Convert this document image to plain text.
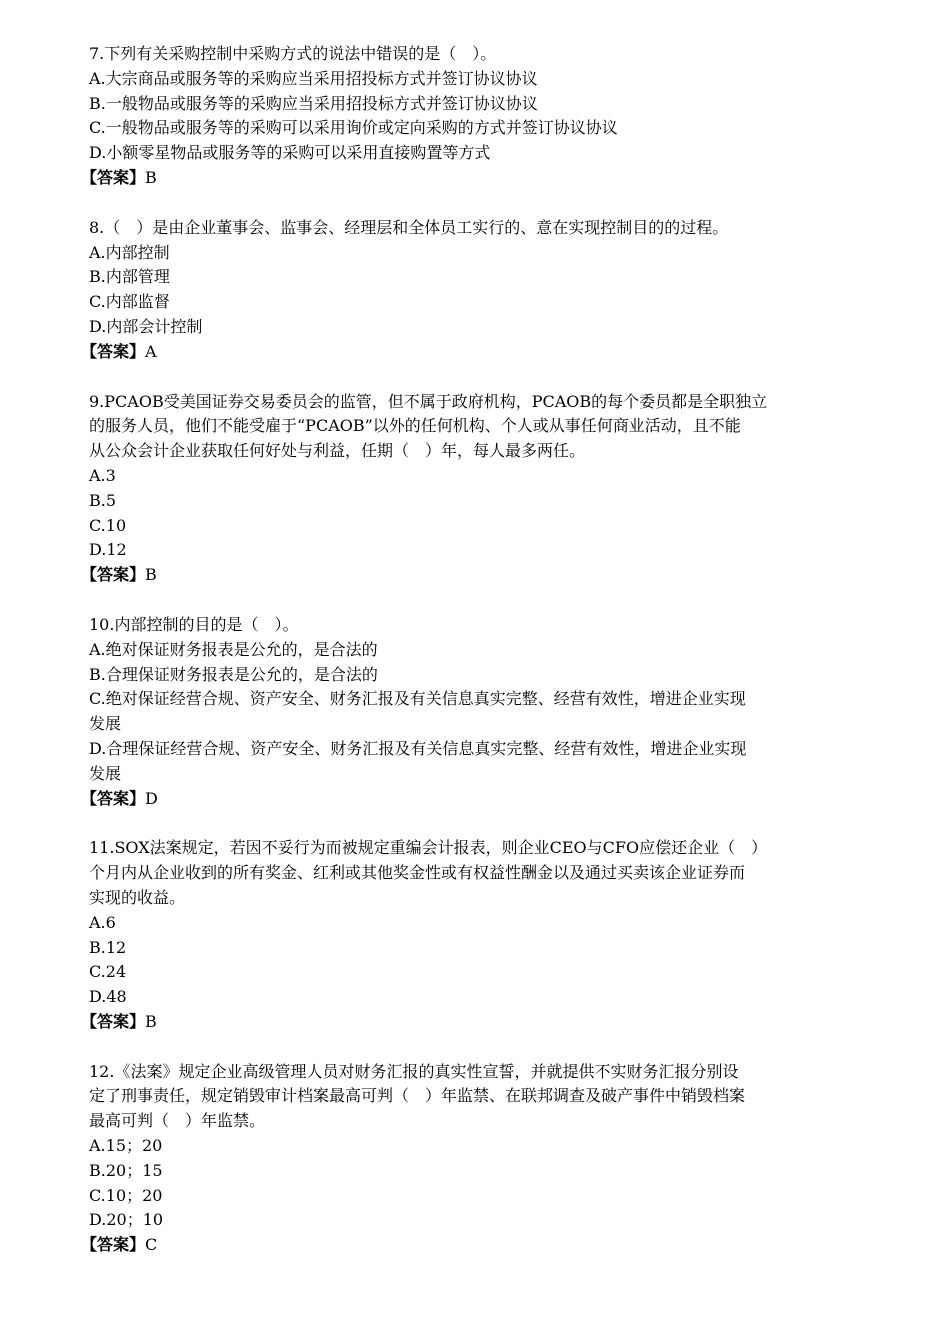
7.下列有关采购控制中采购方式的说法中错误的是（　）。

A.大宗商品或服务等的采购应当采用招投标方式并签订协议协议

B.一般物品或服务等的采购应当采用招投标方式并签订协议协议

C.一般物品或服务等的采购可以采用询价或定向采购的方式并签订协议协议

D.小额零星物品或服务等的采购可以采用直接购置等方式

【答案】B

8.（　）是由企业董事会、监事会、经理层和全体员工实行的、意在实现控制目的的过程。

A.内部控制

B.内部管理

C.内部监督

D.内部会计控制

【答案】A

9.PCAOB受美国证券交易委员会的监管，但不属于政府机构，PCAOB的每个委员都是全职独立

的服务人员，他们不能受雇于“PCAOB”以外的任何机构、个人或从事任何商业活动，且不能

从公众会计企业获取任何好处与利益，任期（　）年，每人最多两任。

A.3

B.5

C.10

D.12

【答案】B

10.内部控制的目的是（　）。

A.绝对保证财务报表是公允的，是合法的

B.合理保证财务报表是公允的，是合法的

C.绝对保证经营合规、资产安全、财务汇报及有关信息真实完整、经营有效性，增进企业实现

发展

D.合理保证经营合规、资产安全、财务汇报及有关信息真实完整、经营有效性，增进企业实现

发展

【答案】D

11.SOX法案规定，若因不妥行为而被规定重编会计报表，则企业CEO与CFO应偿还企业（　）

个月内从企业收到的所有奖金、红利或其他奖金性或有权益性酬金以及通过买卖该企业证券而

实现的收益。

A.6

B.12

C.24

D.48

【答案】B

12.《法案》规定企业高级管理人员对财务汇报的真实性宣誓，并就提供不实财务汇报分别设

定了刑事责任，规定销毁审计档案最高可判（　）年监禁、在联邦调查及破产事件中销毁档案

最高可判（　）年监禁。

A.15；20

B.20；15

C.10；20

D.20；10

【答案】C
